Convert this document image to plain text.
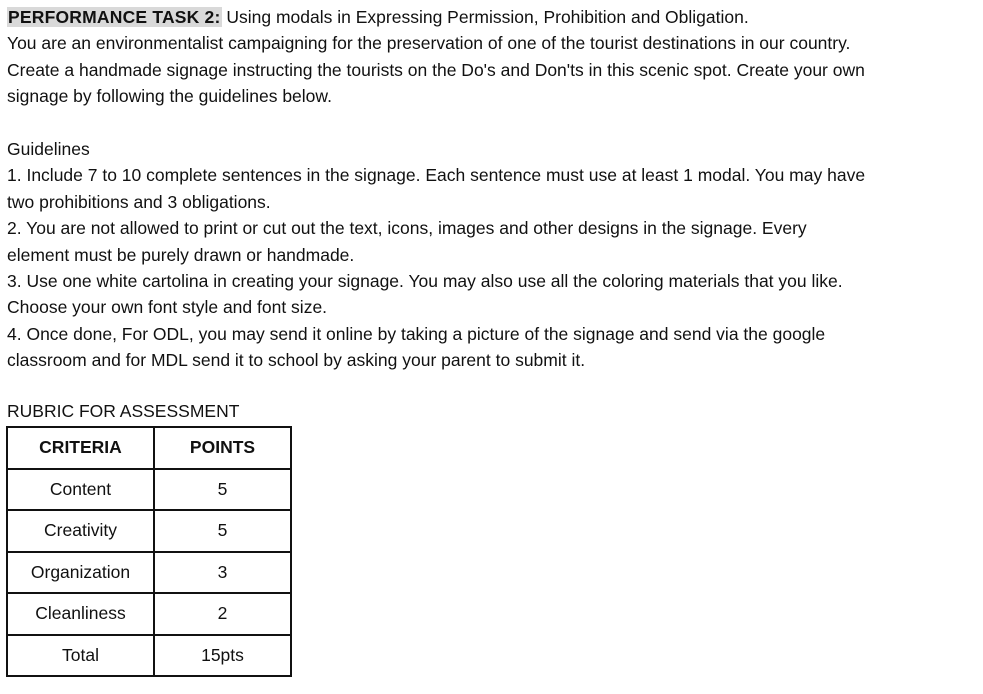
PERFORMANCE TASK 2: Using modals in Expressing Permission, Prohibition and Obligation.
You are an environmentalist campaigning for the preservation of one of the tourist destinations in our country.
Create a handmade signage instructing the tourists on the Do's and Don'ts in this scenic spot. Create your own
signage by following the guidelines below.
Guidelines
1. Include 7 to 10 complete sentences in the signage. Each sentence must use at least 1 modal. You may have
two prohibitions and 3 obligations.
2. You are not allowed to print or cut out the text, icons, images and other designs in the signage. Every
element must be purely drawn or handmade.
3. Use one white cartolina in creating your signage. You may also use all the coloring materials that you like.
Choose your own font style and font size.
4. Once done, For ODL, you may send it online by taking a picture of the signage and send via the google
classroom and for MDL send it to school by asking your parent to submit it.
RUBRIC FOR ASSESSMENT
CRITERIA	POINTS
Content	5
Creativity	5
Organization	3
Cleanliness	2
Total	15pts
